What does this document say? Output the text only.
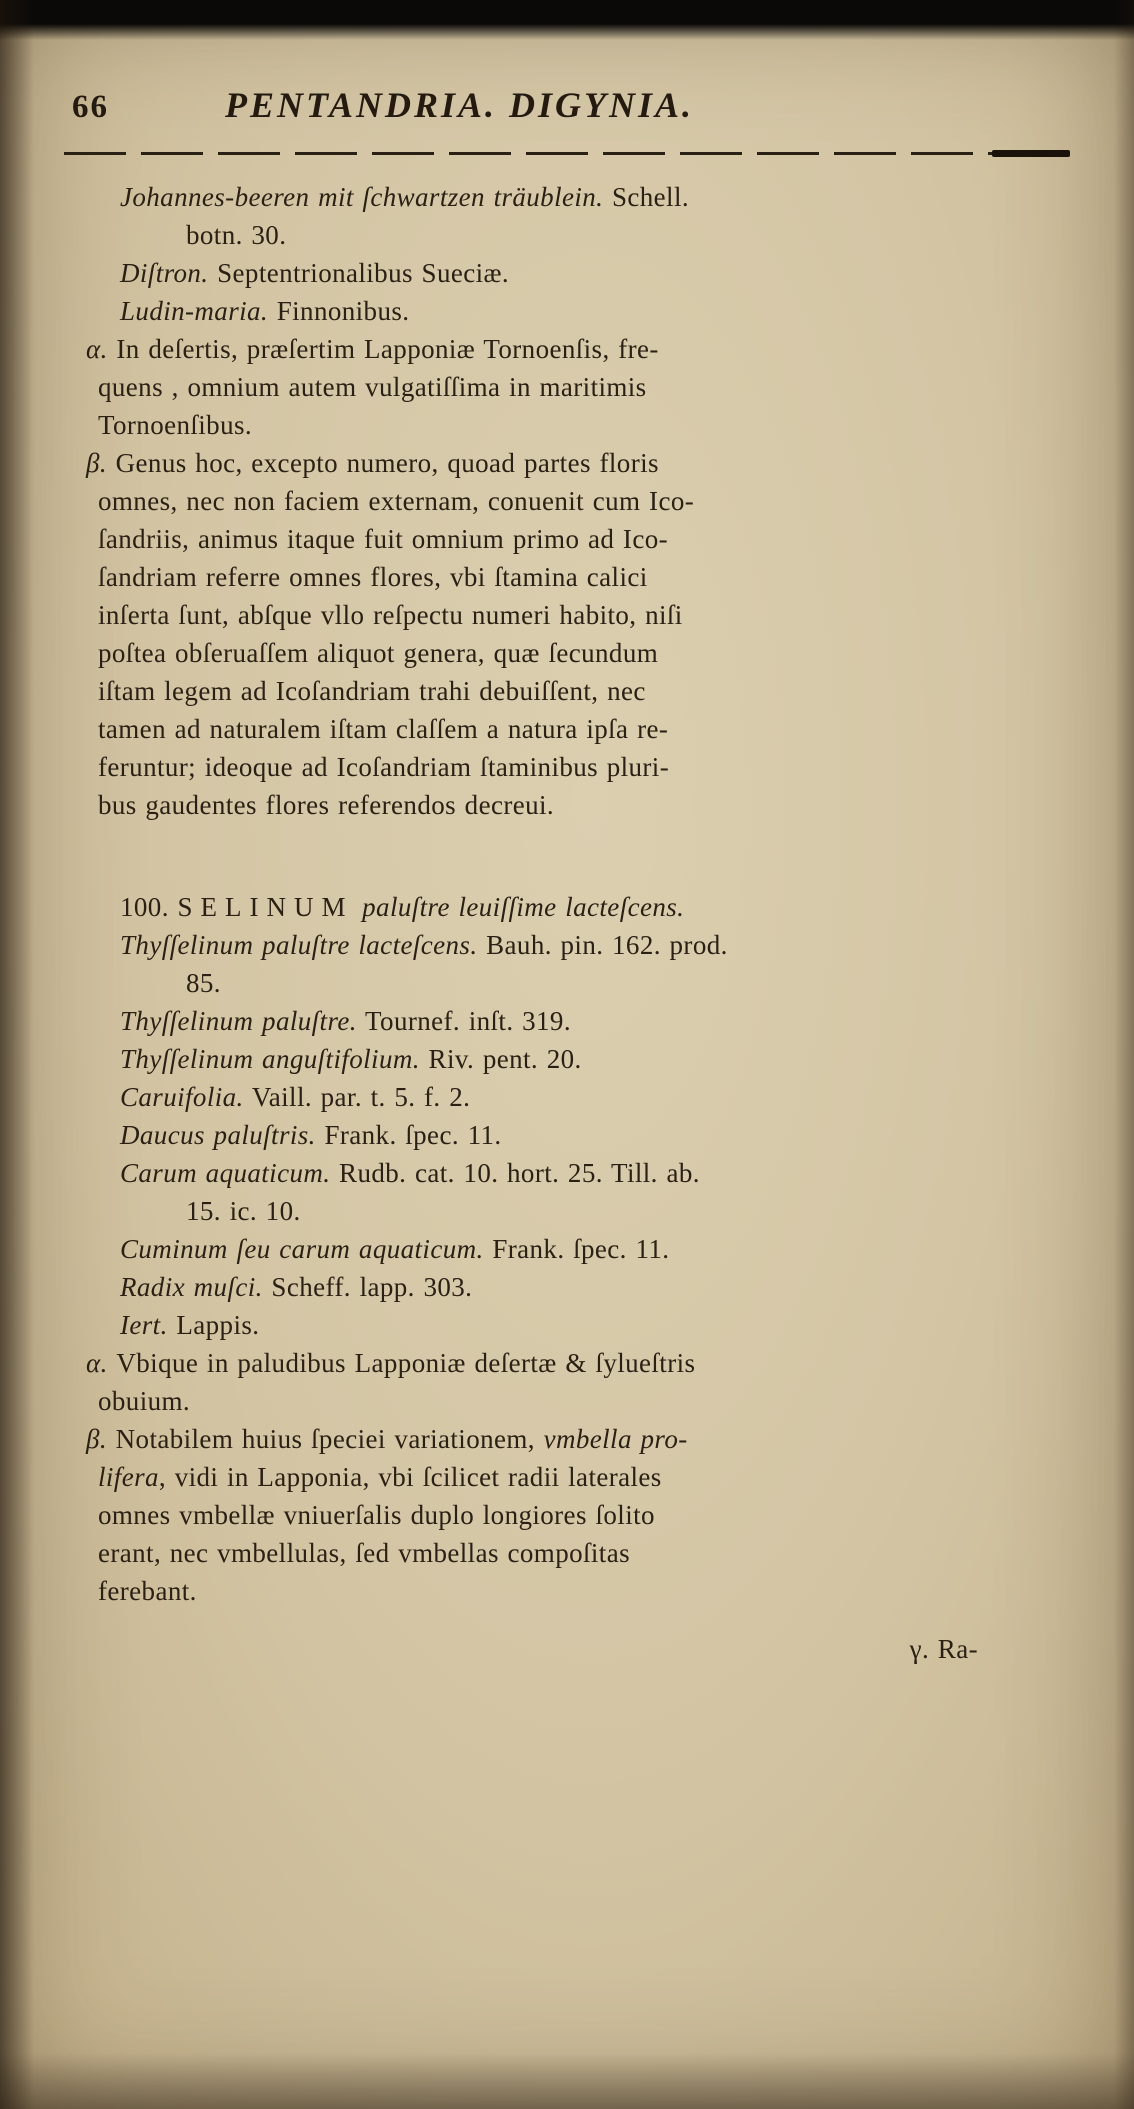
66	PENTANDRIA. DIGYNIA.
Johannes-beeren mit ſchwartzen träublein. Schell.
botn. 30.
Diſtron. Septentrionalibus Sueciæ.
Ludin-maria. Finnonibus.
α. In deſertis, præſertim Lapponiæ Tornoenſis, fre-
quens , omnium autem vulgatiſſima in maritimis
Tornoenſibus.
β. Genus hoc, excepto numero, quoad partes floris
omnes, nec non faciem externam, conuenit cum Ico-
ſandriis, animus itaque fuit omnium primo ad Ico-
ſandriam referre omnes flores, vbi ſtamina calici
inſerta ſunt, abſque vllo reſpectu numeri habito, niſi
poſtea obſeruaſſem aliquot genera, quæ ſecundum
iſtam legem ad Icoſandriam trahi debuiſſent, nec
tamen ad naturalem iſtam claſſem a natura ipſa re-
feruntur; ideoque ad Icoſandriam ſtaminibus pluri-
bus gaudentes flores referendos decreui.
100. SELINUM paluſtre leuiſſime lacteſcens.
Thyſſelinum paluſtre lacteſcens. Bauh. pin. 162. prod.
85.
Thyſſelinum paluſtre. Tournef. inſt. 319.
Thyſſelinum anguſtifolium. Riv. pent. 20.
Caruifolia. Vaill. par. t. 5. f. 2.
Daucus paluſtris. Frank. ſpec. 11.
Carum aquaticum. Rudb. cat. 10. hort. 25. Till. ab.
15. ic. 10.
Cuminum ſeu carum aquaticum. Frank. ſpec. 11.
Radix muſci. Scheff. lapp. 303.
Iert. Lappis.
α. Vbique in paludibus Lapponiæ deſertæ & ſylueſtris
obuium.
β. Notabilem huius ſpeciei variationem, vmbella pro-
lifera, vidi in Lapponia, vbi ſcilicet radii laterales
omnes vmbellæ vniuerſalis duplo longiores ſolito
erant, nec vmbellulas, ſed vmbellas compoſitas
ferebant.
γ. Ra-
